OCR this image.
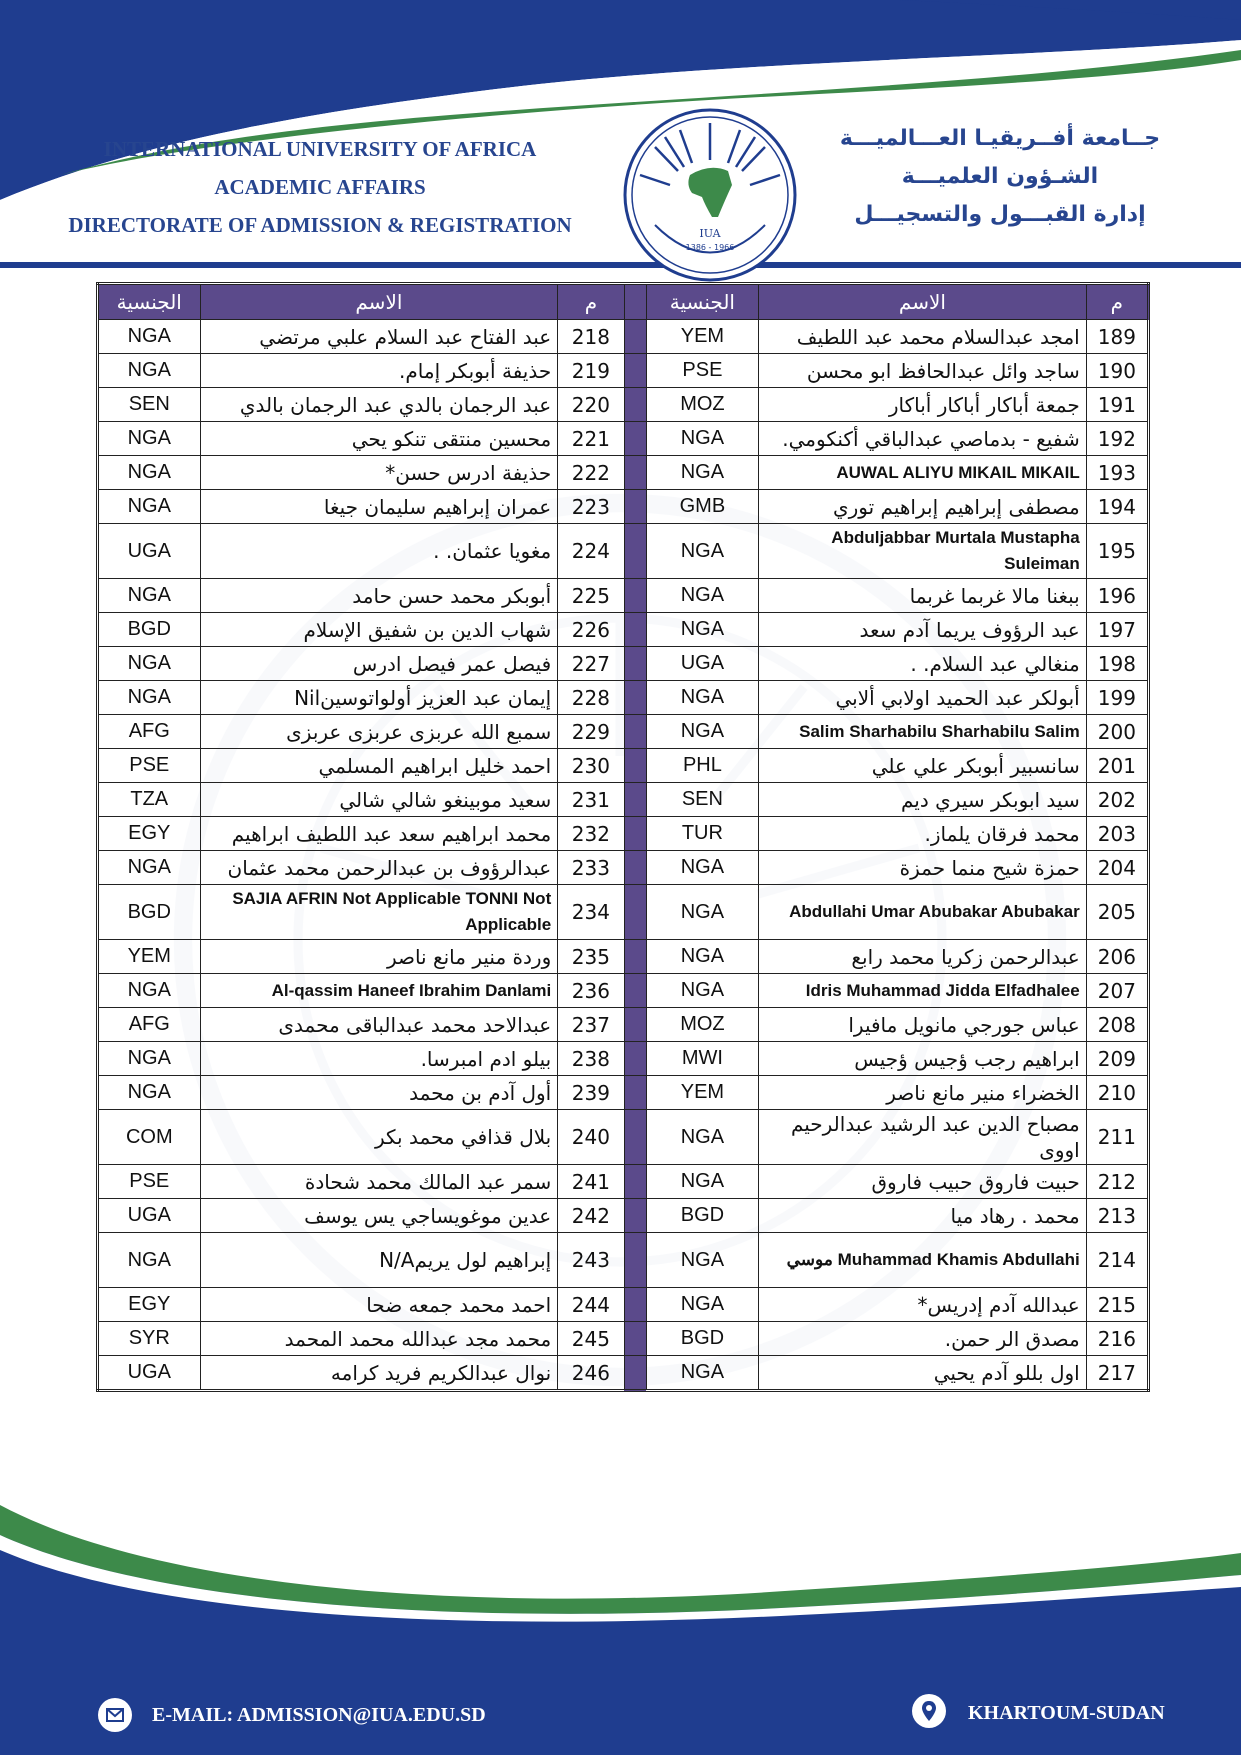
INTERNATIONAL UNIVERSITY OF AFRICA
ACADEMIC AFFAIRS
DIRECTORATE OF ADMISSION & REGISTRATION	IUA
1386 - 1966
جــامعة أفــريقيـا العـــالميـــة
الشـؤون العلميـــة
إدارة القبـــول والتسجيـــل
م	الاسم	الجنسية		م	الاسم	الجنسية
189	امجد عبدالسلام محمد عبد اللطيف	YEM		218	عبد الفتاح عبد السلام علبي مرتضي	NGA
190	ساجد وائل عبدالحافظ ابو محسن	PSE		219	حذيفة أبوبكر إمام.	NGA
191	جمعة أباكار أباكار أباكار	MOZ		220	عبد الرجمان بالدي عبد الرجمان بالدي	SEN
192	شفيع - بدماصي عبدالباقي أكنكومي.	NGA		221	محسين منتقى تنكو يحي	NGA
193	AUWAL ALIYU MIKAIL MIKAIL	NGA		222	حذيفة ادرس حسن*	NGA
194	مصطفى إبراهيم إبراهيم توري	GMB		223	عمران إبراهيم سليمان جيغا	NGA
195	Abduljabbar Murtala Mustapha Suleiman	NGA		224	مغويا عثمان. .	UGA
196	ببغنا مالا غربما غربما	NGA		225	أبوبكر محمد حسن حامد	NGA
197	عبد الرؤوف يريما آدم سعد	NGA		226	شهاب الدين بن شفيق الإسلام	BGD
198	منغالي عبد السلام. .	UGA		227	فيصل عمر فيصل ادرس	NGA
199	أبولكر عبد الحميد اولابي ألابي	NGA		228	إيمان عبد العزيز أولواتوسينNil	NGA
200	Salim Sharhabilu Sharhabilu Salim	NGA		229	سمبع الله عربزى عربزى عربزى	AFG
201	سانسبير أبوبكر علي علي	PHL		230	احمد خليل ابراهيم المسلمي	PSE
202	سيد ابوبكر سيري ديم	SEN		231	سعيد موبينغو شالي شالي	TZA
203	محمد فرقان يلماز.	TUR		232	محمد ابراهيم سعد عبد اللطيف ابراهيم	EGY
204	حمزة شيح منما حمزة	NGA		233	عبدالرؤوف بن عبدالرحمن محمد عثمان	NGA
205	Abdullahi Umar Abubakar Abubakar	NGA		234	SAJIA AFRIN Not Applicable TONNI Not Applicable	BGD
206	عبدالرحمن زكريا محمد رابع	NGA		235	وردة منير مانع ناصر	YEM
207	Idris Muhammad Jidda Elfadhalee	NGA		236	Al-qassim Haneef Ibrahim Danlami	NGA
208	عباس جورجي مانويل مافيرا	MOZ		237	عبدالاحد محمد عبدالباقى محمدى	AFG
209	ابراهيم رجب ؤجيس ؤجيس	MWI		238	بيلو ادم امبرسا.	NGA
210	الخضراء منير مانع ناصر	YEM		239	أول آدم بن محمد	NGA
211	مصباح الدين عبد الرشيد عبدالرحيم اووى	NGA		240	بلال قذافي محمد بكر	COM
212	حبيت فاروق حبيب فاروق	NGA		241	سمر عبد المالك محمد شحادة	PSE
213	محمد . رهاد ميا	BGD		242	عدين موغويساجي يس يوسف	UGA
214	Muhammad Khamis Abdullahi موسي	NGA		243	إبراهيم لول يريمN/A	NGA
215	عبدالله آدم إدريس*	NGA		244	احمد محمد جمعه ضحا	EGY
216	مصدق الر حمن.	BGD		245	محمد مجد عبدالله محمد المحمد	SYR
217	اول بللو آدم يحيي	NGA		246	نوال عبدالكريم فريد كرامه	UGA
E-MAIL: ADMISSION@IUA.EDU.SD	KHARTOUM-SUDAN
